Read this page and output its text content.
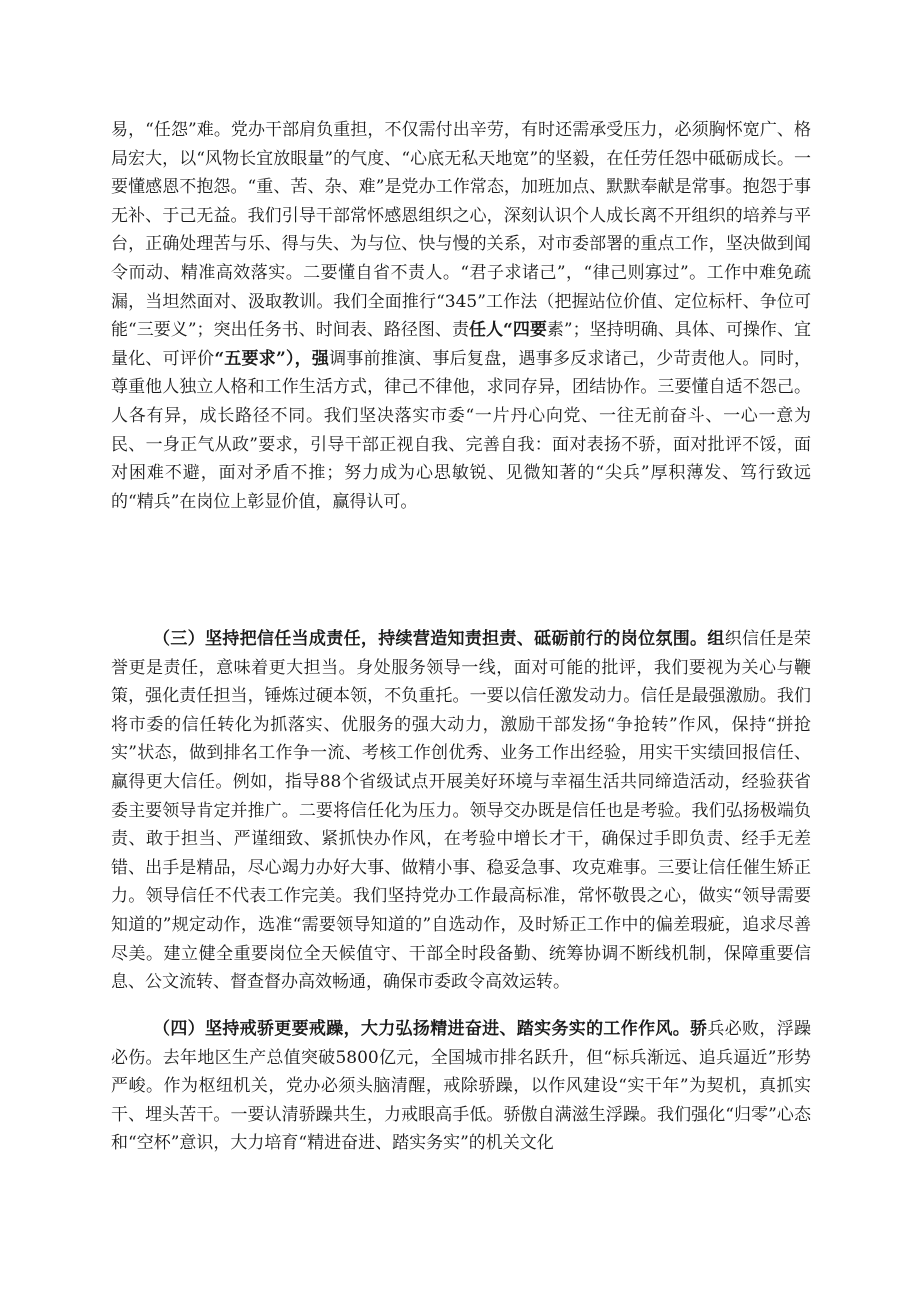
易，“任怨”难。党办干部肩负重担，不仅需付出辛劳，有时还需承受压力，必须胸怀宽广、格局宏大，以“风物长宜放眼量”的气度、“心底无私天地宽”的坚毅，在任劳任怨中砥砺成长。一要懂感恩不抱怨。“重、苦、杂、难”是党办工作常态，加班加点、默默奉献是常事。抱怨于事无补、于己无益。我们引导干部常怀感恩组织之心，深刻认识个人成长离不开组织的培养与平台，正确处理苦与乐、得与失、为与位、快与慢的关系，对市委部署的重点工作，坚决做到闻令而动、精准高效落实。二要懂自省不责人。“君子求诸己”，“律己则寡过”。工作中难免疏漏，当坦然面对、汲取教训。我们全面推行“345”工作法（把握站位价值、定位标杆、争位可能“三要义”；突出任务书、时间表、路径图、责任人“四要素”；坚持明确、具体、可操作、宜量化、可评价“五要求”），强调事前推演、事后复盘，遇事多反求诸己，少苛责他人。同时，尊重他人独立人格和工作生活方式，律己不律他，求同存异，团结协作。三要懂自适不怨己。人各有异，成长路径不同。我们坚决落实市委“一片丹心向党、一往无前奋斗、一心一意为民、一身正气从政”要求，引导干部正视自我、完善自我：面对表扬不骄，面对批评不馁，面对困难不避，面对矛盾不推；努力成为心思敏锐、见微知著的“尖兵”厚积薄发、笃行致远的“精兵”在岗位上彰显价值，赢得认可。
（三）坚持把信任当成责任，持续营造知责担责、砥砺前行的岗位氛围。组织信任是荣誉更是责任，意味着更大担当。身处服务领导一线，面对可能的批评，我们要视为关心与鞭策，强化责任担当，锤炼过硬本领，不负重托。一要以信任激发动力。信任是最强激励。我们将市委的信任转化为抓落实、优服务的强大动力，激励干部发扬“争抢转”作风，保持“拼抢实”状态，做到排名工作争一流、考核工作创优秀、业务工作出经验，用实干实绩回报信任、赢得更大信任。例如，指导88个省级试点开展美好环境与幸福生活共同缔造活动，经验获省委主要领导肯定并推广。二要将信任化为压力。领导交办既是信任也是考验。我们弘扬极端负责、敢于担当、严谨细致、紧抓快办作风，在考验中增长才干，确保过手即负责、经手无差错、出手是精品，尽心竭力办好大事、做精小事、稳妥急事、攻克难事。三要让信任催生矫正力。领导信任不代表工作完美。我们坚持党办工作最高标准，常怀敬畏之心，做实“领导需要知道的”规定动作，选准“需要领导知道的”自选动作，及时矫正工作中的偏差瑕疵，追求尽善尽美。建立健全重要岗位全天候值守、干部全时段备勤、统筹协调不断线机制，保障重要信息、公文流转、督查督办高效畅通，确保市委政令高效运转。
（四）坚持戒骄更要戒躁，大力弘扬精进奋进、踏实务实的工作作风。骄兵必败，浮躁必伤。去年地区生产总值突破5800亿元，全国城市排名跃升，但“标兵渐远、追兵逼近”形势严峻。作为枢纽机关，党办必须头脑清醒，戒除骄躁，以作风建设“实干年”为契机，真抓实干、埋头苦干。一要认清骄躁共生，力戒眼高手低。骄傲自满滋生浮躁。我们强化“归零”心态和“空杯”意识，大力培育“精进奋进、踏实务实”的机关文化
